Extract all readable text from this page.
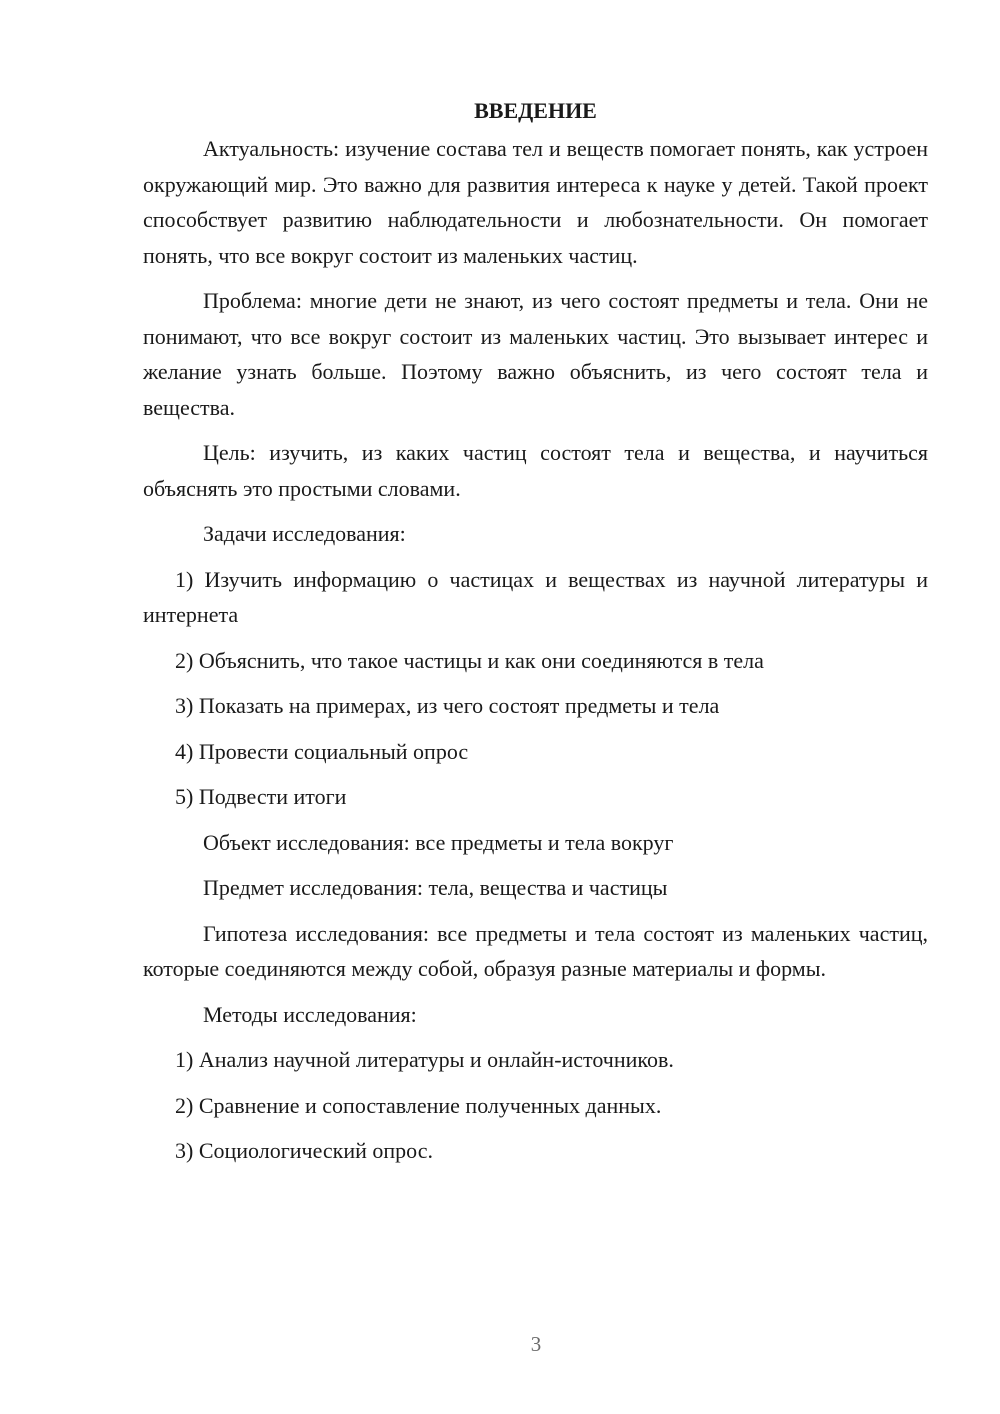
ВВЕДЕНИЕ

Актуальность: изучение состава тел и веществ помогает понять, как устроен окружающий мир. Это важно для развития интереса к науке у детей. Такой проект способствует развитию наблюдательности и любознательности. Он помогает понять, что все вокруг состоит из маленьких частиц.

Проблема: многие дети не знают, из чего состоят предметы и тела. Они не понимают, что все вокруг состоит из маленьких частиц. Это вызывает интерес и желание узнать больше. Поэтому важно объяснить, из чего состоят тела и вещества.

Цель: изучить, из каких частиц состоят тела и вещества, и научиться объяснять это простыми словами.

Задачи исследования:

1) Изучить информацию о частицах и веществах из научной литературы и интернета

2) Объяснить, что такое частицы и как они соединяются в тела

3) Показать на примерах, из чего состоят предметы и тела

4) Провести социальный опрос

5) Подвести итоги

Объект исследования: все предметы и тела вокруг

Предмет исследования: тела, вещества и частицы

Гипотеза исследования: все предметы и тела состоят из маленьких частиц, которые соединяются между собой, образуя разные материалы и формы.

Методы исследования:

1) Анализ научной литературы и онлайн-источников.

2) Сравнение и сопоставление полученных данных.

3) Социологический опрос.

3
